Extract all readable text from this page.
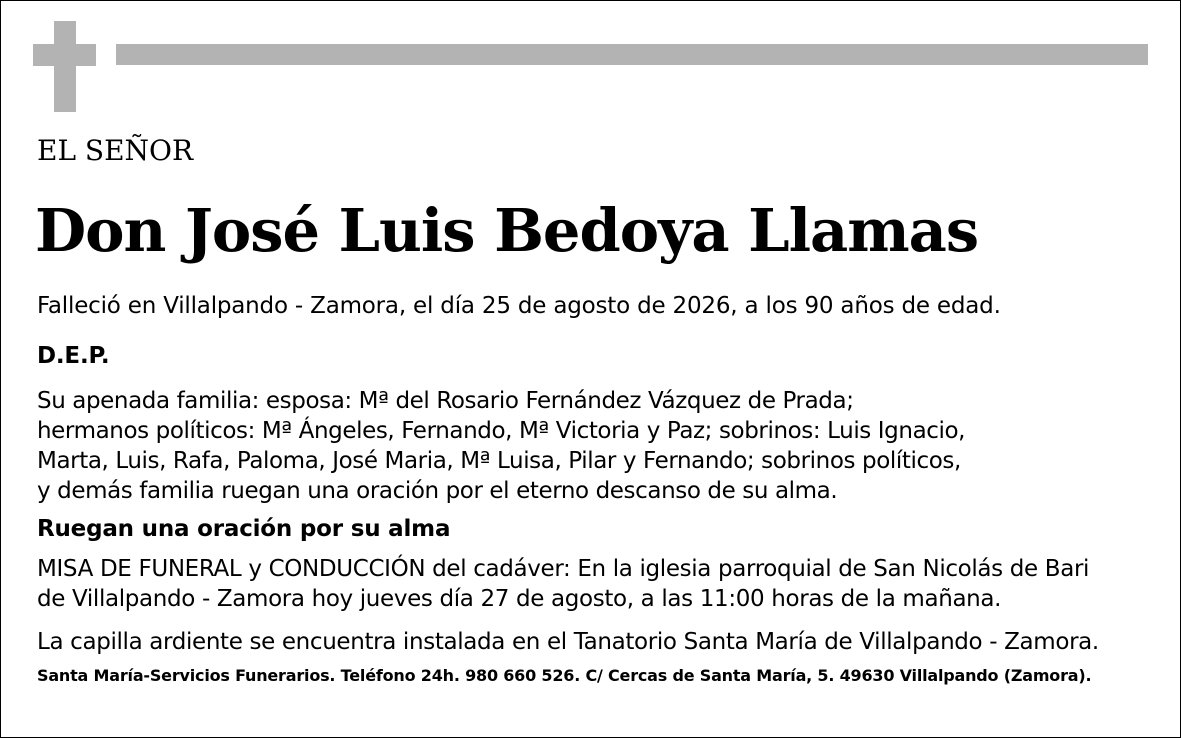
EL SEÑOR
Don José Luis Bedoya Llamas
Falleció en Villalpando - Zamora, el día 25 de agosto de 2026, a los 90 años de edad.
D.E.P.
Su apenada familia: esposa: Mª del Rosario Fernández Vázquez de Prada;
hermanos políticos: Mª Ángeles, Fernando, Mª Victoria y Paz; sobrinos: Luis Ignacio,
Marta, Luis, Rafa, Paloma, José Maria, Mª Luisa, Pilar y Fernando; sobrinos políticos,
y demás familia ruegan una oración por el eterno descanso de su alma.
Ruegan una oración por su alma
MISA DE FUNERAL y CONDUCCIÓN del cadáver: En la iglesia parroquial de San Nicolás de Bari
de Villalpando - Zamora hoy jueves día 27 de agosto, a las 11:00 horas de la mañana.
La capilla ardiente se encuentra instalada en el Tanatorio Santa María de Villalpando - Zamora.
Santa María-Servicios Funerarios. Teléfono 24h. 980 660 526. C/ Cercas de Santa María, 5. 49630 Villalpando (Zamora).
